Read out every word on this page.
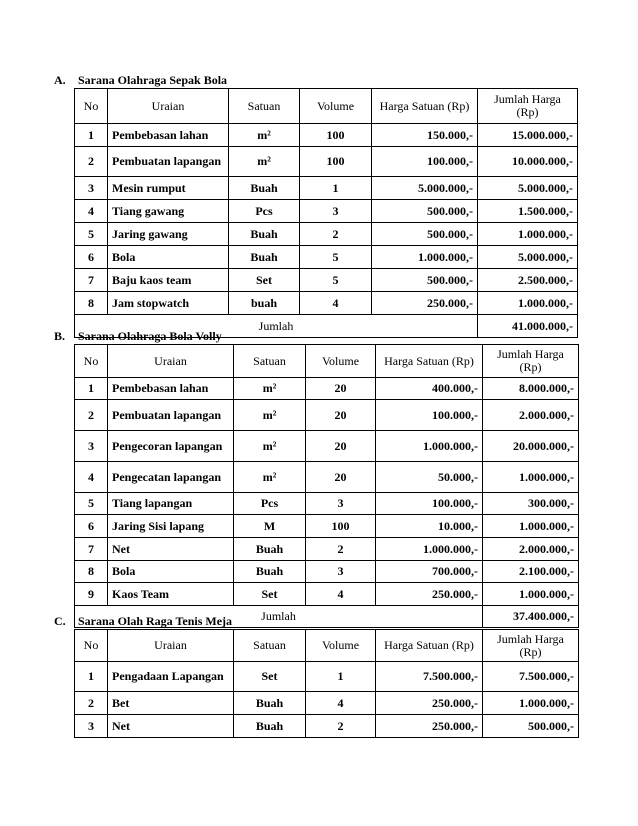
A. Sarana Olahraga Sepak Bola
No	Uraian	Satuan	Volume	Harga Satuan (Rp)	Jumlah Harga (Rp)
1	Pembebasan lahan	m²	100	150.000,-	15.000.000,-
2	Pembuatan lapangan	m²	100	100.000,-	10.000.000,-
3	Mesin rumput	Buah	1	5.000.000,-	5.000.000,-
4	Tiang gawang	Pcs	3	500.000,-	1.500.000,-
5	Jaring gawang	Buah	2	500.000,-	1.000.000,-
6	Bola	Buah	5	1.000.000,-	5.000.000,-
7	Baju kaos team	Set	5	500.000,-	2.500.000,-
8	Jam stopwatch	buah	4	250.000,-	1.000.000,-
Jumlah					41.000.000,-
B. Sarana Olahraga Bola Volly
No	Uraian	Satuan	Volume	Harga Satuan (Rp)	Jumlah Harga (Rp)
1	Pembebasan lahan	m²	20	400.000,-	8.000.000,-
2	Pembuatan lapangan	m²	20	100.000,-	2.000.000,-
3	Pengecoran lapangan	m²	20	1.000.000,-	20.000.000,-
4	Pengecatan lapangan	m²	20	50.000,-	1.000.000,-
5	Tiang lapangan	Pcs	3	100.000,-	300.000,-
6	Jaring Sisi lapang	M	100	10.000,-	1.000.000,-
7	Net	Buah	2	1.000.000,-	2.000.000,-
8	Bola	Buah	3	700.000,-	2.100.000,-
9	Kaos Team	Set	4	250.000,-	1.000.000,-
Jumlah					37.400.000,-
C. Sarana Olah Raga Tenis Meja
No	Uraian	Satuan	Volume	Harga Satuan (Rp)	Jumlah Harga (Rp)
1	Pengadaan Lapangan	Set	1	7.500.000,-	7.500.000,-
2	Bet	Buah	4	250.000,-	1.000.000,-
3	Net	Buah	2	250.000,-	500.000,-
